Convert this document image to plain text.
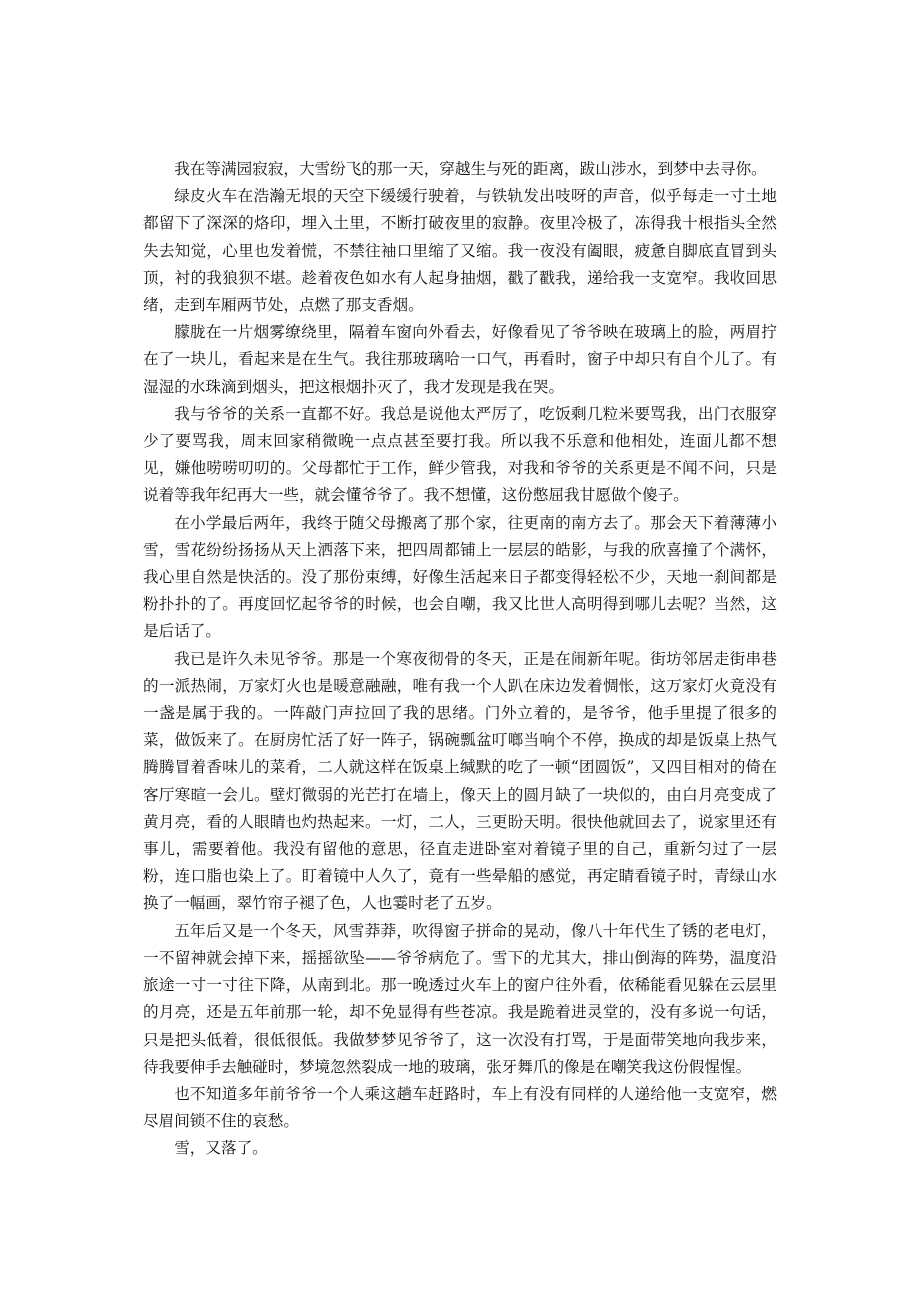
我在等满园寂寂，大雪纷飞的那一天，穿越生与死的距离，跋山涉水，到梦中去寻你。

绿皮火车在浩瀚无垠的天空下缓缓行驶着，与铁轨发出吱呀的声音，似乎每走一寸土地都留下了深深的烙印，埋入土里，不断打破夜里的寂静。夜里冷极了，冻得我十根指头全然失去知觉，心里也发着慌，不禁往袖口里缩了又缩。我一夜没有阖眼，疲惫自脚底直冒到头顶，衬的我狼狈不堪。趁着夜色如水有人起身抽烟，戳了戳我，递给我一支宽窄。我收回思绪，走到车厢两节处，点燃了那支香烟。

朦胧在一片烟雾缭绕里，隔着车窗向外看去，好像看见了爷爷映在玻璃上的脸，两眉拧在了一块儿，看起来是在生气。我往那玻璃哈一口气，再看时，窗子中却只有自个儿了。有湿湿的水珠滴到烟头，把这根烟扑灭了，我才发现是我在哭。

我与爷爷的关系一直都不好。我总是说他太严厉了，吃饭剩几粒米要骂我，出门衣服穿少了要骂我，周末回家稍微晚一点点甚至要打我。所以我不乐意和他相处，连面儿都不想见，嫌他唠唠叨叨的。父母都忙于工作，鲜少管我，对我和爷爷的关系更是不闻不问，只是说着等我年纪再大一些，就会懂爷爷了。我不想懂，这份憋屈我甘愿做个傻子。

在小学最后两年，我终于随父母搬离了那个家，往更南的南方去了。那会天下着薄薄小雪，雪花纷纷扬扬从天上洒落下来，把四周都铺上一层层的皓影，与我的欣喜撞了个满怀，我心里自然是快活的。没了那份束缚，好像生活起来日子都变得轻松不少，天地一刹间都是粉扑扑的了。再度回忆起爷爷的时候，也会自嘲，我又比世人高明得到哪儿去呢？当然，这是后话了。

我已是许久未见爷爷。那是一个寒夜彻骨的冬天，正是在闹新年呢。街坊邻居走街串巷的一派热闹，万家灯火也是暖意融融，唯有我一个人趴在床边发着惆怅，这万家灯火竟没有一盏是属于我的。一阵敲门声拉回了我的思绪。门外立着的，是爷爷，他手里提了很多的菜，做饭来了。在厨房忙活了好一阵子，锅碗瓢盆叮啷当响个不停，换成的却是饭桌上热气腾腾冒着香味儿的菜肴，二人就这样在饭桌上缄默的吃了一顿“团圆饭”，又四目相对的倚在客厅寒暄一会儿。壁灯微弱的光芒打在墙上，像天上的圆月缺了一块似的，由白月亮变成了黄月亮，看的人眼睛也灼热起来。一灯，二人，三更盼天明。很快他就回去了，说家里还有事儿，需要着他。我没有留他的意思，径直走进卧室对着镜子里的自己，重新匀过了一层粉，连口脂也染上了。盯着镜中人久了，竟有一些晕船的感觉，再定睛看镜子时，青绿山水换了一幅画，翠竹帘子褪了色，人也霎时老了五岁。

五年后又是一个冬天，风雪莽莽，吹得窗子拼命的晃动，像八十年代生了锈的老电灯，一不留神就会掉下来，摇摇欲坠——爷爷病危了。雪下的尤其大，排山倒海的阵势，温度沿旅途一寸一寸往下降，从南到北。那一晚透过火车上的窗户往外看，依稀能看见躲在云层里的月亮，还是五年前那一轮，却不免显得有些苍凉。我是跪着进灵堂的，没有多说一句话，只是把头低着，很低很低。我做梦梦见爷爷了，这一次没有打骂，于是面带笑地向我步来，待我要伸手去触碰时，梦境忽然裂成一地的玻璃，张牙舞爪的像是在嘲笑我这份假惺惺。

也不知道多年前爷爷一个人乘这趟车赶路时，车上有没有同样的人递给他一支宽窄，燃尽眉间锁不住的哀愁。

雪，又落了。
